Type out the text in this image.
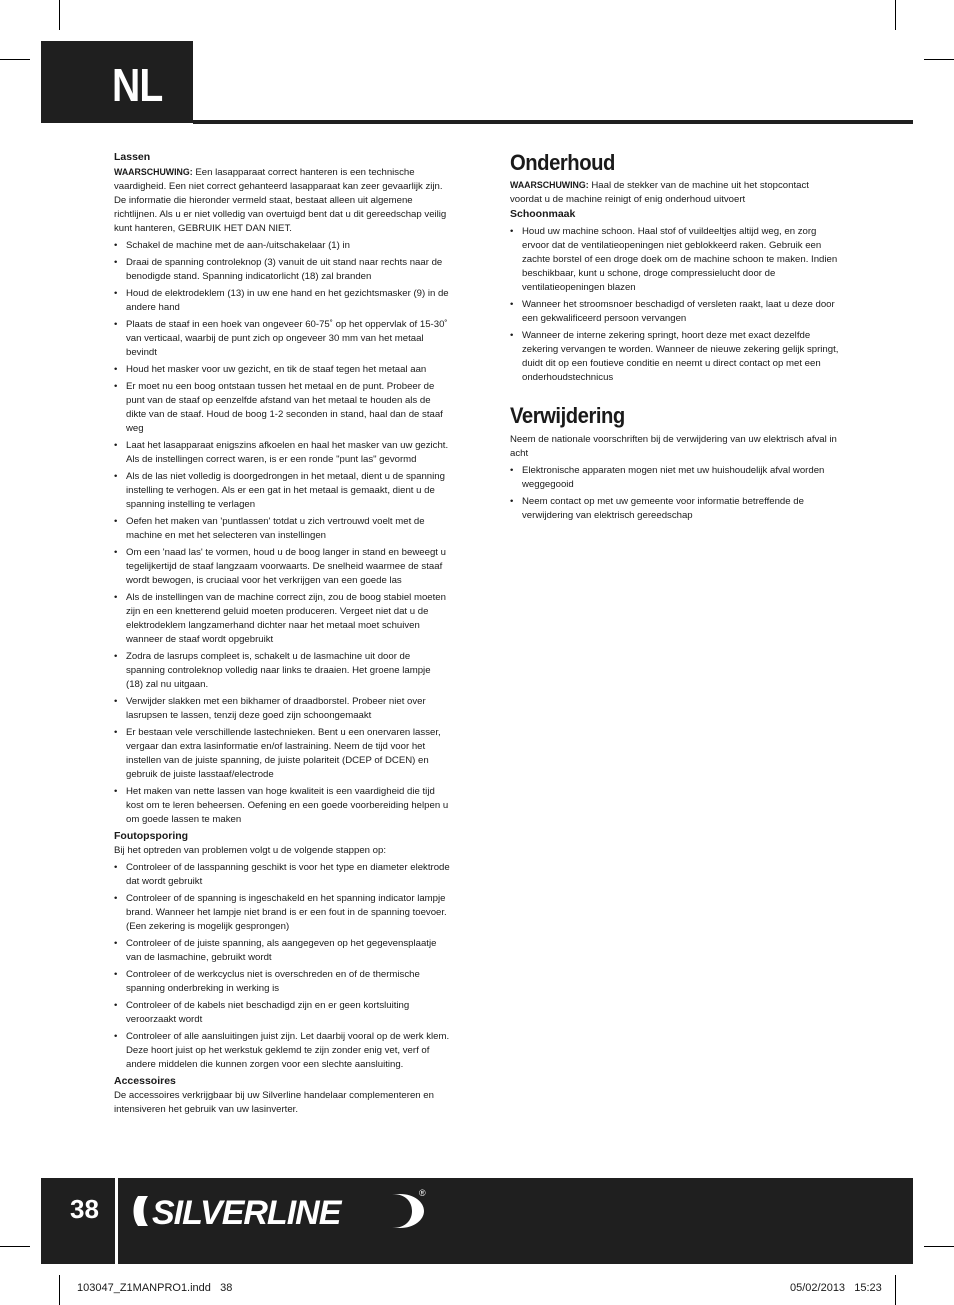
NL
Lassen

WAARSCHUWING: Een lasapparaat correct hanteren is een technische vaardigheid. Een niet correct gehanteerd lasapparaat kan zeer gevaarlijk zijn. De informatie die hieronder vermeld staat, bestaat alleen uit algemene richtlijnen. Als u er niet volledig van overtuigd bent dat u dit gereedschap veilig kunt hanteren, GEBRUIK HET DAN NIET.

• Schakel de machine met de aan-/uitschakelaar (1) in
• Draai de spanning controleknop (3) vanuit de uit stand naar rechts naar de benodigde stand. Spanning indicatorlicht (18) zal branden
• Houd de elektrodeklem (13) in uw ene hand en het gezichtsmasker (9) in de andere hand
• Plaats de staaf in een hoek van ongeveer 60-75˚ op het oppervlak of 15-30˚ van verticaal, waarbij de punt zich op ongeveer 30 mm van het metaal bevindt
• Houd het masker voor uw gezicht, en tik de staaf tegen het metaal aan
• Er moet nu een boog ontstaan tussen het metaal en de punt. Probeer de punt van de staaf op eenzelfde afstand van het metaal te houden als de dikte van de staaf. Houd de boog 1-2 seconden in stand, haal dan de staaf weg
• Laat het lasapparaat enigszins afkoelen en haal het masker van uw gezicht. Als de instellingen correct waren, is er een ronde "punt las" gevormd
• Als de las niet volledig is doorgedrongen in het metaal, dient u de spanning instelling te verhogen. Als er een gat in het metaal is gemaakt, dient u de spanning instelling te verlagen
• Oefen het maken van 'puntlassen' totdat u zich vertrouwd voelt met de machine en met het selecteren van instellingen
• Om een 'naad las' te vormen, houd u de boog langer in stand en beweegt u tegelijkertijd de staaf langzaam voorwaarts. De snelheid waarmee de staaf wordt bewogen, is cruciaal voor het verkrijgen van een goede las
• Als de instellingen van de machine correct zijn, zou de boog stabiel moeten zijn en een knetterend geluid moeten produceren. Vergeet niet dat u de elektrodeklem langzamerhand dichter naar het metaal moet schuiven wanneer de staaf wordt opgebruikt
• Zodra de lasrups compleet is, schakelt u de lasmachine uit door de spanning controleknop volledig naar links te draaien. Het groene lampje (18) zal nu uitgaan.
• Verwijder slakken met een bikhamer of draadborstel. Probeer niet over lasrupsen te lassen, tenzij deze goed zijn schoongemaakt
• Er bestaan vele verschillende lastechnieken. Bent u een onervaren lasser, vergaar dan extra lasinformatie en/of lastraining. Neem de tijd voor het instellen van de juiste spanning, de juiste polariteit (DCEP of DCEN) en gebruik de juiste lasstaaf/electrode
• Het maken van nette lassen van hoge kwaliteit is een vaardigheid die tijd kost om te leren beheersen. Oefening en een goede voorbereiding helpen u om goede lassen te maken
Foutopsporing

Bij het optreden van problemen volgt u de volgende stappen op:

• Controleer of de lasspanning geschikt is voor het type en diameter elektrode dat wordt gebruikt
• Controleer of de spanning is ingeschakeld en het spanning indicator lampje brand. Wanneer het lampje niet brand is er een fout in de spanning toevoer. (Een zekering is mogelijk gesprongen)
• Controleer of de juiste spanning, als aangegeven op het gegevensplaatje van de lasmachine, gebruikt wordt
• Controleer of de werkcyclus niet is overschreden en of de thermische spanning onderbreking in werking is
• Controleer of de kabels niet beschadigd zijn en er geen kortsluiting veroorzaakt wordt
• Controleer of alle aansluitingen juist zijn. Let daarbij vooral op de werk klem. Deze hoort juist op het werkstuk geklemd te zijn zonder enig vet, verf of andere middelen die kunnen zorgen voor een slechte aansluiting.
Accessoires

De accessoires verkrijgbaar bij uw Silverline handelaar complementeren en intensiveren het gebruik van uw lasinverter.

Onderhoud

WAARSCHUWING: Haal de stekker van de machine uit het stopcontact voordat u de machine reinigt of enig onderhoud uitvoert

Schoonmaak
• Houd uw machine schoon. Haal stof of vuildeeltjes altijd weg, en zorg ervoor dat de ventilatieopeningen niet geblokkeerd raken. Gebruik een zachte borstel of een droge doek om de machine schoon te maken. Indien beschikbaar, kunt u schone, droge compressielucht door de ventilatieopeningen blazen
• Wanneer het stroomsnoer beschadigd of versleten raakt, laat u deze door een gekwalificeerd persoon vervangen
• Wanneer de interne zekering springt, hoort deze met exact dezelfde zekering vervangen te worden. Wanneer de nieuwe zekering gelijk springt, duidt dit op een foutieve conditie en neemt u direct contact op met een onderhoudstechnicus
Verwijdering

Neem de nationale voorschriften bij de verwijdering van uw elektrisch afval in acht

• Elektronische apparaten mogen niet met uw huishoudelijk afval worden weggegooid
• Neem contact op met uw gemeente voor informatie betreffende de verwijdering van elektrisch gereedschap
38 SILVERLINE
®
103047_Z1MANPRO1.indd   38	05/02/2013   15:23
